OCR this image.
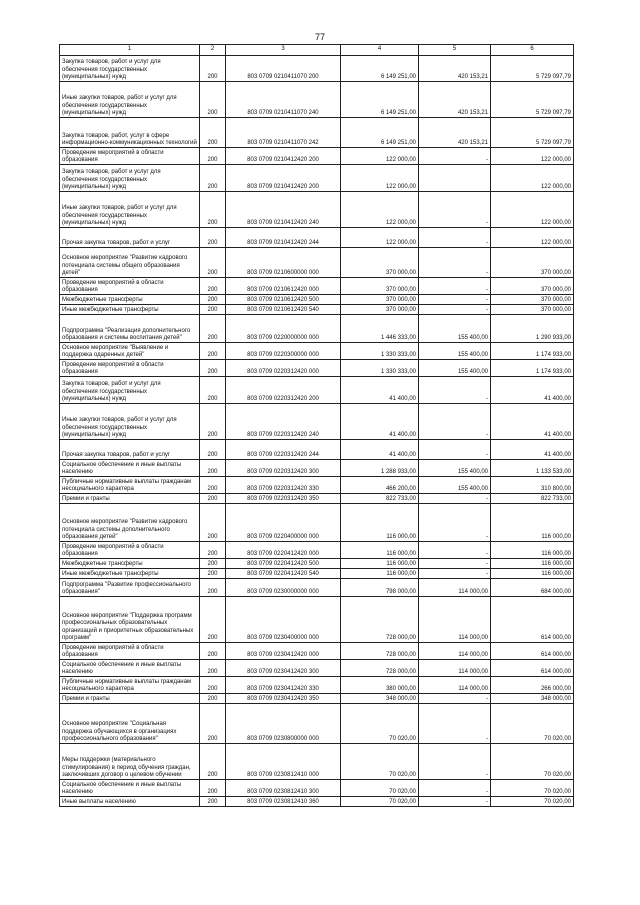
77
1	2	3	4	5	6
Закупка товаров, работ и услуг для обеспечения государственных (муниципальных) нужд	200	803 0709 0210411070 200	6 149 251,00	420 153,21	5 729 097,79
Иные закупки товаров, работ и услуг для обеспечения государственных (муниципальных) нужд	200	803 0709 0210411070 240	6 149 251,00	420 153,21	5 729 097,79
Закупка товаров, работ, услуг в сфере информационно-коммуникационных технологий	200	803 0709 0210411070 242	6 149 251,00	420 153,21	5 729 097,79
Проведение мероприятий в области образования	200	803 0709 0210412420 200	122 000,00	-	122 000,00
Закупка товаров, работ и услуг для обеспечения государственных (муниципальных) нужд	200	803 0709 0210412420 200	122 000,00		122 000,00
Иные закупки товаров, работ и услуг для обеспечения государственных (муниципальных) нужд	200	803 0709 0210412420 240	122 000,00	-	122 000,00
Прочая закупка товаров, работ и услуг	200	803 0709 0210412420 244	122 000,00	-	122 000,00
Основное мероприятие "Развитие кадрового потенциала системы общего образования детей"	200	803 0709 0210600000 000	370 000,00	-	370 000,00
Проведение мероприятий в области образования	200	803 0709 0210612420 000	370 000,00	-	370 000,00
Межбюджетные трансферты	200	803 0709 0210612420 500	370 000,00	-	370 000,00
Иные межбюджетные трансферты	200	803 0709 0210612420 540	370 000,00	-	370 000,00
Подпрограмма "Реализация дополнительного образования и системы воспитания детей"	200	803 0709 0220000000 000	1 446 333,00	155 400,00	1 290 933,00
Основное мероприятие "Выявление и поддержка одаренных детей"	200	803 0709 0220300000 000	1 330 333,00	155 400,00	1 174 933,00
Проведение мероприятий в области образования	200	803 0709 0220312420 000	1 330 333,00	155 400,00	1 174 933,00
Закупка товаров, работ и услуг для обеспечения государственных (муниципальных) нужд	200	803 0709 0220312420 200	41 400,00	-	41 400,00
Иные закупки товаров, работ и услуг для обеспечения государственных (муниципальных) нужд	200	803 0709 0220312420 240	41 400,00	-	41 400,00
Прочая закупка товаров, работ и услуг	200	803 0709 0220312420 244	41 400,00	-	41 400,00
Социальное обеспечение и иные выплаты населению	200	803 0709 0220312420 300	1 288 933,00	155 400,00	1 133 533,00
Публичные нормативные выплаты гражданам несоциального характера	200	803 0709 0220312420 330	466 200,00	155 400,00	310 800,00
Премии и гранты	200	803 0709 0220312420 350	822 733,00	-	822 733,00
Основное мероприятие "Развитие кадрового потенциала системы дополнительного образования детей"	200	803 0709 0220400000 000	116 000,00	-	116 000,00
Проведение мероприятий в области образования	200	803 0709 0220412420 000	116 000,00	-	116 000,00
Межбюджетные трансферты	200	803 0709 0220412420 500	116 000,00	-	116 000,00
Иные межбюджетные трансферты	200	803 0709 0220412420 540	116 000,00	-	116 000,00
Подпрограмма "Развитие профессионального образования"	200	803 0709 0230000000 000	798 000,00	114 000,00	684 000,00
Основное мероприятие "Поддержка программ профессиональных образовательных организаций и приоритетных образовательных программ"	200	803 0709 0230400000 000	728 000,00	114 000,00	614 000,00
Проведение мероприятий в области образования	200	803 0709 0230412420 000	728 000,00	114 000,00	614 000,00
Социальное обеспечение и иные выплаты населению	200	803 0709 0230412420 300	728 000,00	114 000,00	614 000,00
Публичные нормативные выплаты гражданам несоциального характера	200	803 0709 0230412420 330	380 000,00	114 000,00	266 000,00
Премии и гранты	200	803 0709 0230412420 350	348 000,00	-	348 000,00
Основное мероприятие "Социальная поддержка обучающихся в организациях профессионального образования"	200	803 0709 0230800000 000	70 020,00	-	70 020,00
Меры поддержки (материального стимулирования) в период обучения граждан, заключивших договор о целевом обучении	200	803 0709 0230812410 000	70 020,00	-	70 020,00
Социальное обеспечение и иные выплаты населению	200	803 0709 0230812410 300	70 020,00	-	70 020,00
Иные выплаты населению	200	803 0709 0230812410 360	70 020,00	-	70 020,00
